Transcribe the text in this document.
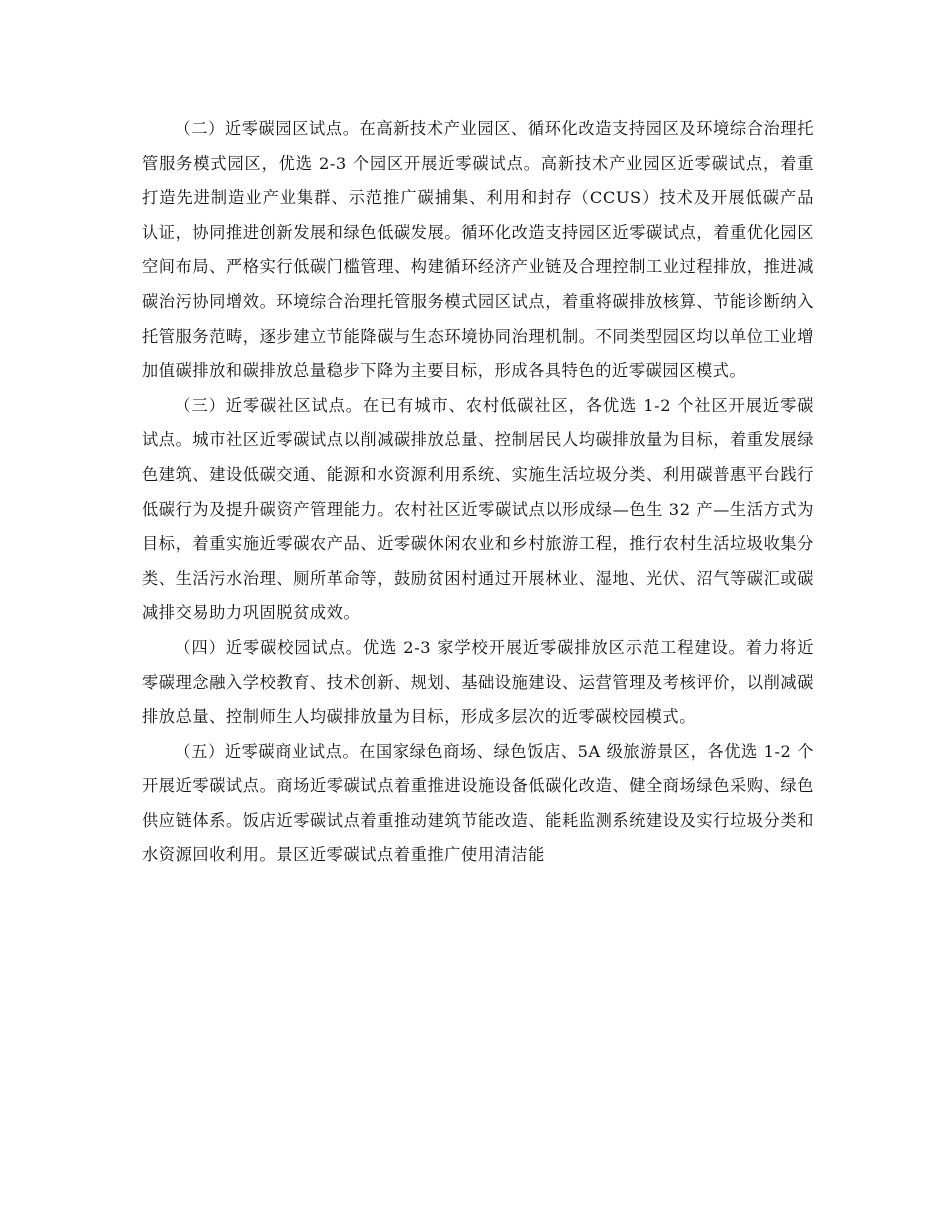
（二）近零碳园区试点。在高新技术产业园区、循环化改造支持园区及环境综合治理托管服务模式园区，优选 2-3 个园区开展近零碳试点。高新技术产业园区近零碳试点，着重打造先进制造业产业集群、示范推广碳捕集、利用和封存（CCUS）技术及开展低碳产品认证，协同推进创新发展和绿色低碳发展。循环化改造支持园区近零碳试点，着重优化园区空间布局、严格实行低碳门槛管理、构建循环经济产业链及合理控制工业过程排放，推进减碳治污协同增效。环境综合治理托管服务模式园区试点，着重将碳排放核算、节能诊断纳入托管服务范畴，逐步建立节能降碳与生态环境协同治理机制。不同类型园区均以单位工业增加值碳排放和碳排放总量稳步下降为主要目标，形成各具特色的近零碳园区模式。

（三）近零碳社区试点。在已有城市、农村低碳社区，各优选 1-2 个社区开展近零碳试点。城市社区近零碳试点以削减碳排放总量、控制居民人均碳排放量为目标，着重发展绿色建筑、建设低碳交通、能源和水资源利用系统、实施生活垃圾分类、利用碳普惠平台践行低碳行为及提升碳资产管理能力。农村社区近零碳试点以形成绿—色生 32 产—生活方式为目标，着重实施近零碳农产品、近零碳休闲农业和乡村旅游工程，推行农村生活垃圾收集分类、生活污水治理、厕所革命等，鼓励贫困村通过开展林业、湿地、光伏、沼气等碳汇或碳减排交易助力巩固脱贫成效。

（四）近零碳校园试点。优选 2-3 家学校开展近零碳排放区示范工程建设。着力将近零碳理念融入学校教育、技术创新、规划、基础设施建设、运营管理及考核评价，以削减碳排放总量、控制师生人均碳排放量为目标，形成多层次的近零碳校园模式。

（五）近零碳商业试点。在国家绿色商场、绿色饭店、5A 级旅游景区，各优选 1-2 个开展近零碳试点。商场近零碳试点着重推进设施设备低碳化改造、健全商场绿色采购、绿色供应链体系。饭店近零碳试点着重推动建筑节能改造、能耗监测系统建设及实行垃圾分类和水资源回收利用。景区近零碳试点着重推广使用清洁能
